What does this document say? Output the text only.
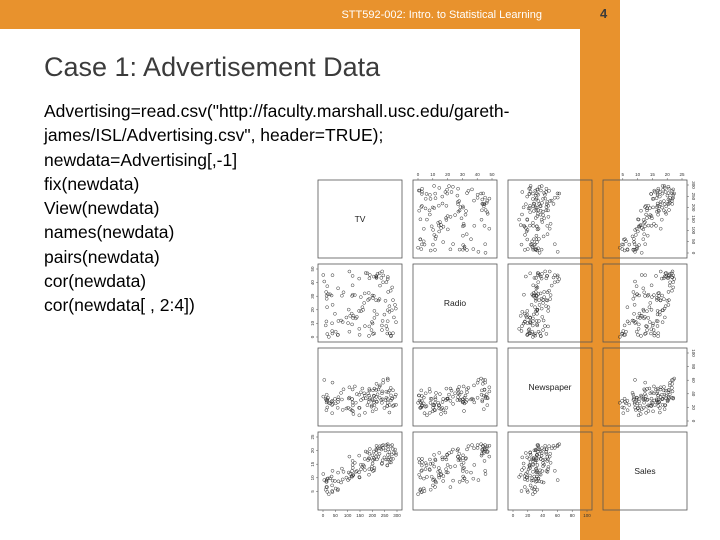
STT592-002: Intro. to Statistical Learning	4
Case 1: Advertisement Data
Advertising=read.csv("http://faculty.marshall.usc.edu/gareth-
james/ISL/Advertising.csv", header=TRUE);
newdata=Advertising[,-1]
fix(newdata)
View(newdata)
names(newdata)
pairs(newdata)
cor(newdata)
cor(newdata[ , 2:4])
TV
Radio
Newspaper
Sales
0 10 20 30 40 50	5 10 15 20 25
0 50 100 150 200 250 300	0 20 40 60 80 100
0
10
20
30
40
50
5
10
15
20
25
0
50
100
150
200
250
300
0
20
40
60
80
100
